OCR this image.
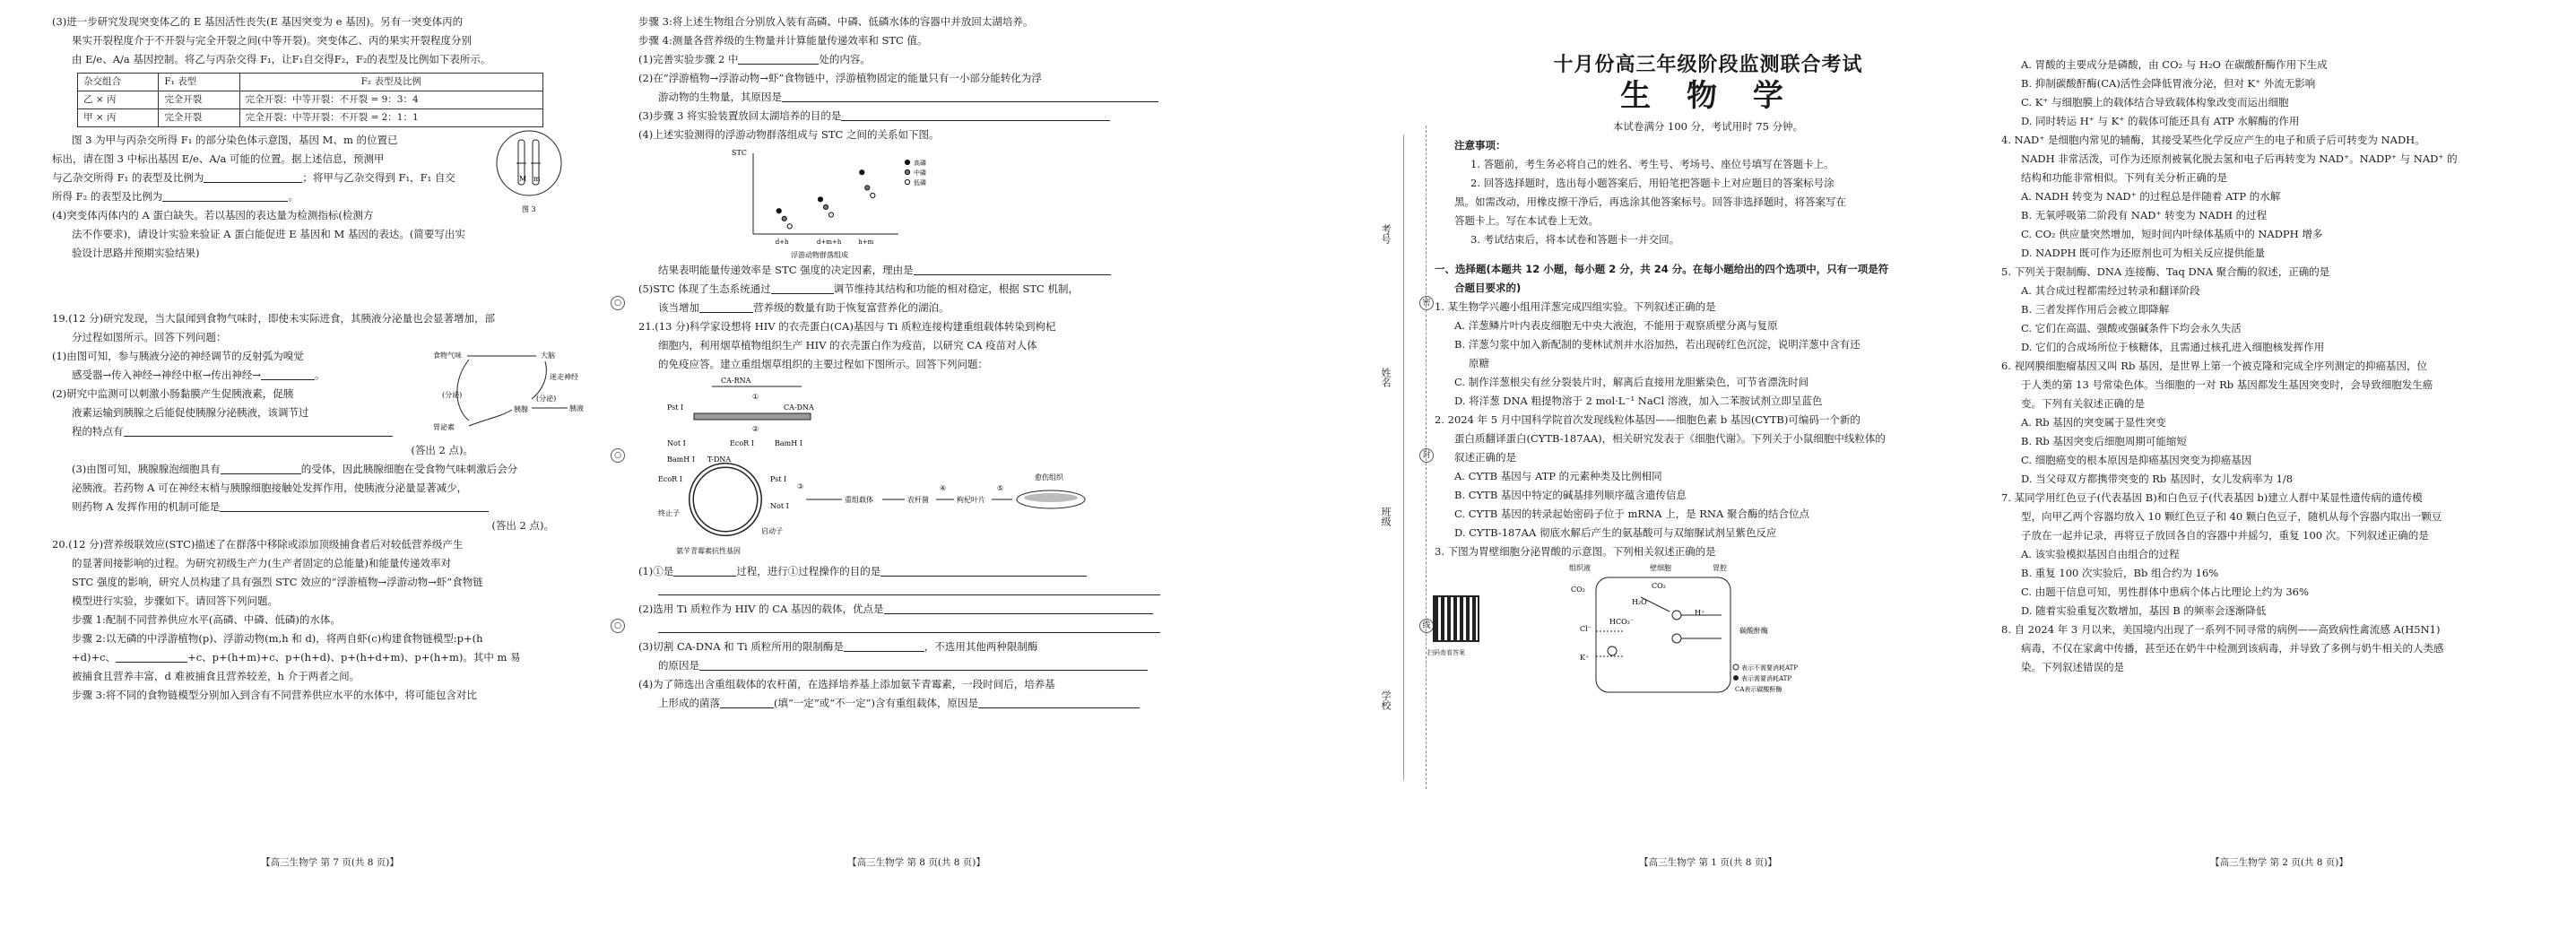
(3)进一步研究发现突变体乙的 E 基因活性丧失(E 基因突变为 e 基因)。另有一突变体丙的

果实开裂程度介于不开裂与完全开裂之间(中等开裂)。突变体乙、丙的果实开裂程度分别

由 E/e、A/a 基因控制。将乙与丙杂交得 F₁，让F₁自交得F₂，F₂的表型及比例如下表所示。

杂交组合	F₁ 表型	F₂ 表型及比例
乙 × 丙	完全开裂	完全开裂：中等开裂：不开裂 = 9：3：4
甲 × 丙	完全开裂	完全开裂：中等开裂：不开裂 = 2：1：1

图 3 为甲与丙杂交所得 F₁ 的部分染色体示意图，基因 M、m 的位置已

标出，请在图 3 中标出基因 E/e、A/a 可能的位置。据上述信息，预测甲

与乙杂交所得 F₁ 的表型及比例为	；将甲与乙杂交得到 F₁，F₁ 自交

所得 F₂ 的表型及比例为	。

M m
图 3

(4)突变体丙体内的 A 蛋白缺失。若以基因的表达量为检测指标(检测方

法不作要求)，请设计实验来验证 A 蛋白能促进 E 基因和 M 基因的表达。(简要写出实

验设计思路并预期实验结果)

19.(12 分)研究发现，当大鼠闻到食物气味时，即使未实际进食，其胰液分泌量也会显著增加，部

分过程如图所示。回答下列问题：

(1)由图可知，参与胰液分泌的神经调节的反射弧为嗅觉

感受器→传入神经→神经中枢→传出神经→	。

(2)研究中监测可以刺激小肠黏膜产生促胰液素，促胰

液素运输到胰腺之后能促使胰腺分泌胰液，该调节过

程的特点有

(答出 2 点)。

食物气味	大脑
迷走神经
胰腺
(分泌)
胰液
胃泌素
(分泌)

(3)由图可知，胰腺腺泡细胞具有	的受体，因此胰腺细胞在受食物气味刺激后会分

泌胰液。若药物 A 可在神经末梢与胰腺细胞接触处发挥作用，使胰液分泌量显著减少，

则药物 A 发挥作用的机制可能是

(答出 2 点)。

20.(12 分)营养级联效应(STC)描述了在群落中移除或添加顶级捕食者后对较低营养级产生

的显著间接影响的过程。为研究初级生产力(生产者固定的总能量)和能量传递效率对

STC 强度的影响，研究人员构建了具有强烈 STC 效应的“浮游植物→浮游动物→虾”食物链

模型进行实验，步骤如下。请回答下列问题。

步骤 1:配制不同营养供应水平(高磷、中磷、低磷)的水体。

步骤 2:以无磷的中浮游植物(p)、浮游动物(m,h 和 d)，将两自虾(c)构建食物链模型:p+(h

+d)+c、	+c、p+(h+m)+c、p+(h+d)、p+(h+d+m)、p+(h+m)。其中 m 易

被捕食且营养丰富，d 难被捕食且营养较差，h 介于两者之间。

步骤 3:将不同的食物链模型分别加入到含有不同营养供应水平的水体中，将可能包含对比

【高三生物学 第 7 页(共 8 页)】
○
○
○

步骤 3:将上述生物组合分别放入装有高磷、中磷、低磷水体的容器中并放回太湖培养。

步骤 4:测量各营养级的生物量并计算能量传递效率和 STC 值。

(1)完善实验步骤 2 中	处的内容。

(2)在“浮游植物→浮游动物→虾”食物链中，浮游植物固定的能量只有一小部分能转化为浮

游动物的生物量，其原因是

(3)步骤 3 将实验装置放回太湖培养的目的是

(4)上述实验测得的浮游动物群落组成与 STC 之间的关系如下图。

STC
浮游动物群落组成
d+h	d+m+h	h+m
高磷
中磷
低磷

结果表明能量传递效率是 STC 强度的决定因素，理由是

(5)STC 体现了生态系统通过	调节维持其结构和功能的相对稳定，根据 STC 机制，

该当增加	营养级的数量有助于恢复富营养化的湖泊。

21.(13 分)科学家设想将 HIV 的衣壳蛋白(CA)基因与 Ti 质粒连接构建重组载体转染到枸杞

细胞内，利用烟草植物组织生产 HIV 的衣壳蛋白作为疫苗，以研究 CA 疫苗对人体

的免疫应答。建立重组烟草组织的主要过程如下图所示。回答下列问题：

CA-RNA
①
Pst Ⅰ	CA-DNA
②
Not Ⅰ	EcoR Ⅰ	BamH Ⅰ
BamH Ⅰ T-DNA
EcoR Ⅰ
终止子
Pst Ⅰ
Not Ⅰ
启动子
氨苄青霉素抗性基因
③
重组载体	农杆菌
④
枸杞叶片
⑤
愈伤组织

(1)①是	过程，进行①过程操作的目的是

(2)选用 Ti 质粒作为 HIV 的 CA 基因的载体，优点是

(3)切割 CA-DNA 和 Ti 质粒所用的限制酶是	，不选用其他两种限制酶

的原因是

(4)为了筛选出含重组载体的农杆菌，在选择培养基上添加氨苄青霉素，一段时间后，培养基

上形成的菌落	(填“一定”或“不一定”)含有重组载体，原因是

【高三生物学 第 8 页(共 8 页)】
考号
姓名
班级
学校
密
封
线
十月份高三年级阶段监测联合考试
生 物 学

本试卷满分 100 分，考试用时 75 分钟。

注意事项：

1. 答题前，考生务必将自己的姓名、考生号、考场号、座位号填写在答题卡上。

2. 回答选择题时，选出每小题答案后，用铅笔把答题卡上对应题目的答案标号涂

黑。如需改动，用橡皮擦干净后，再选涂其他答案标号。回答非选择题时，将答案写在

答题卡上。写在本试卷上无效。

3. 考试结束后，将本试卷和答题卡一并交回。

一、选择题(本题共 12 小题，每小题 2 分，共 24 分。在每小题给出的四个选项中，只有一项是符

合题目要求的)

1. 某生物学兴趣小组用洋葱完成四组实验。下列叙述正确的是

A. 洋葱鳞片叶内表皮细胞无中央大液泡，不能用于观察质壁分离与复原

B. 洋葱匀浆中加入新配制的斐林试剂并水浴加热，若出现砖红色沉淀，说明洋葱中含有还

原糖

C. 制作洋葱根尖有丝分裂装片时，解离后直接用龙胆紫染色，可节省漂洗时间

D. 将洋葱 DNA 粗提物溶于 2 mol·L⁻¹ NaCl 溶液，加入二苯胺试剂立即呈蓝色

2. 2024 年 5 月中国科学院首次发现线粒体基因——细胞色素 b 基因(CYTB)可编码一个新的

蛋白质翻译蛋白(CYTB-187AA)，相关研究发表于《细胞代谢》。下列关于小鼠细胞中线粒体的

叙述正确的是

A. CYTB 基因与 ATP 的元素种类及比例相同

B. CYTB 基因中特定的碱基排列顺序蕴含遗传信息

C. CYTB 基因的转录起始密码子位于 mRNA 上，是 RNA 聚合酶的结合位点

D. CYTB-187AA 彻底水解后产生的氨基酸可与双缩脲试剂呈紫色反应

3. 下图为胃壁细胞分泌胃酸的示意图。下列相关叙述正确的是

扫码查看答案
组织液	壁细胞	胃腔
CO₂	CO₂
H₂O
HCO₃⁻
Cl⁻
K⁺
H⁺
碳酸酐酶
表示不需要消耗ATP
表示需要消耗ATP
CA表示碳酸酐酶
【高三生物学 第 1 页(共 8 页)】

A. 胃酸的主要成分是磷酸，由 CO₂ 与 H₂O 在碳酸酐酶作用下生成

B. 抑制碳酸酐酶(CA)活性会降低胃液分泌，但对 K⁺ 外流无影响

C. K⁺ 与细胞膜上的载体结合导致载体构象改变而运出细胞

D. 同时转运 H⁺ 与 K⁺ 的载体可能还具有 ATP 水解酶的作用

4. NAD⁺ 是细胞内常见的辅酶，其接受某些化学反应产生的电子和质子后可转变为 NADH。

NADH 非常活泼，可作为还原剂被氧化脱去氢和电子后再转变为 NAD⁺。NADP⁺ 与 NAD⁺ 的

结构和功能非常相似。下列有关分析正确的是

A. NADH 转变为 NAD⁺ 的过程总是伴随着 ATP 的水解

B. 无氧呼吸第二阶段有 NAD⁺ 转变为 NADH 的过程

C. CO₂ 供应量突然增加，短时间内叶绿体基质中的 NADPH 增多

D. NADPH 既可作为还原剂也可为相关反应提供能量

5. 下列关于限制酶、DNA 连接酶、Taq DNA 聚合酶的叙述，正确的是

A. 其合成过程都需经过转录和翻译阶段

B. 三者发挥作用后会被立即降解

C. 它们在高温、强酸或强碱条件下均会永久失活

D. 它们的合成场所位于核糖体，且需通过核孔进入细胞核发挥作用

6. 视网膜细胞瘤基因又叫 Rb 基因，是世界上第一个被克隆和完成全序列测定的抑癌基因，位

于人类的第 13 号常染色体。当细胞的一对 Rb 基因都发生基因突变时，会导致细胞发生癌

变。下列有关叙述正确的是

A. Rb 基因的突变属于显性突变

B. Rb 基因突变后细胞周期可能缩短

C. 细胞癌变的根本原因是抑癌基因突变为抑癌基因

D. 当父母双方都携带突变的 Rb 基因时，女儿发病率为 1/8

7. 某同学用红色豆子(代表基因 B)和白色豆子(代表基因 b)建立人群中某显性遗传病的遗传模

型，向甲乙两个容器均放入 10 颗红色豆子和 40 颗白色豆子，随机从每个容器内取出一颗豆

子放在一起并记录，再将豆子放回各自的容器中并摇匀，重复 100 次。下列叙述正确的是

A. 该实验模拟基因自由组合的过程

B. 重复 100 次实验后，Bb 组合约为 16%

C. 由题干信息可知，男性群体中患病个体占比理论上约为 36%

D. 随着实验重复次数增加，基因 B 的频率会逐渐降低

8. 自 2024 年 3 月以来，美国境内出现了一系列不同寻常的病例——高致病性禽流感 A(H5N1)

病毒，不仅在家禽中传播，甚至还在奶牛中检测到该病毒，并导致了多例与奶牛相关的人类感

染。下列叙述错误的是

【高三生物学 第 2 页(共 8 页)】
